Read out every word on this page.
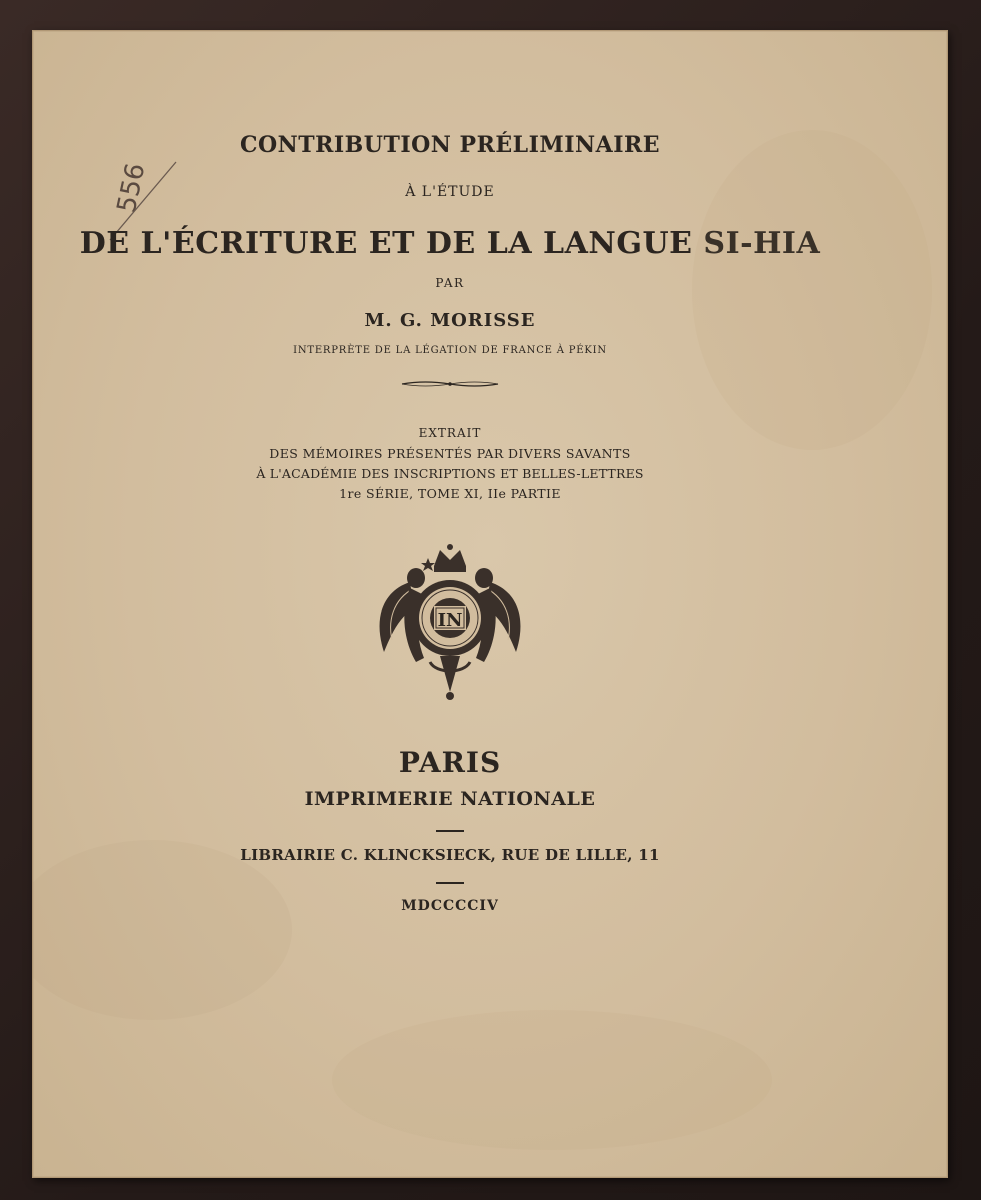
556
CONTRIBUTION PRÉLIMINAIRE
À L'ÉTUDE
DE L'ÉCRITURE ET DE LA LANGUE SI-HIA
PAR
M. G. MORISSE
INTERPRÈTE DE LA LÉGATION DE FRANCE À PÉKIN
EXTRAIT
DES MÉMOIRES PRÉSENTÉS PAR DIVERS SAVANTS
À L'ACADÉMIE DES INSCRIPTIONS ET BELLES-LETTRES
1re SÉRIE, TOME XI, IIe PARTIE
IN
PARIS
IMPRIMERIE NATIONALE
LIBRAIRIE C. KLINCKSIECK, RUE DE LILLE, 11
MDCCCCIV
